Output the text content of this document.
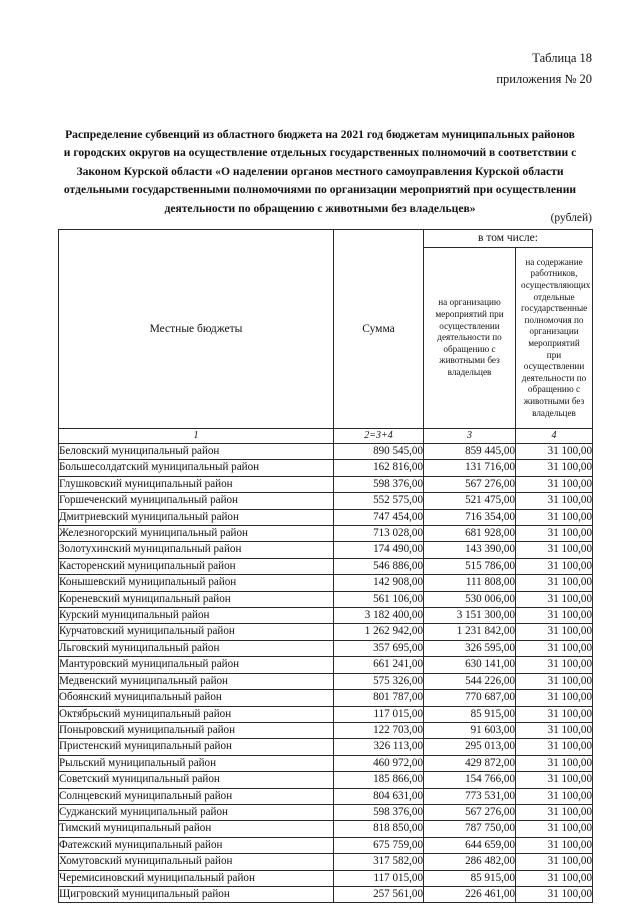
Таблица 18
приложения № 20
Распределение субвенций из областного бюджета на 2021 год бюджетам муниципальных районов
и городских округов на осуществление отдельных государственных полномочий в соответствии с
Законом Курской области «О наделении органов местного самоуправления Курской области
отдельными государственными полномочиями по организации мероприятий при осуществлении
деятельности по обращению с животными без владельцев»
(рублей)
Местные бюджеты	Сумма	в том числе:	
		на организацию мероприятий при осуществлении деятельности по обращению с животными без владельцев	на содержание работников, осуществляющих отдельные государственные полномочия по организации мероприятий при осуществлении деятельности по обращению с животными без владельцев
1	2=3+4	3	4
Беловский муниципальный район	890 545,00	859 445,00	31 100,00
Большесолдатский муниципальный район	162 816,00	131 716,00	31 100,00
Глушковский муниципальный район	598 376,00	567 276,00	31 100,00
Горшеченский муниципальный район	552 575,00	521 475,00	31 100,00
Дмитриевский муниципальный район	747 454,00	716 354,00	31 100,00
Железногорский муниципальный район	713 028,00	681 928,00	31 100,00
Золотухинский муниципальный район	174 490,00	143 390,00	31 100,00
Касторенский муниципальный район	546 886,00	515 786,00	31 100,00
Конышевский муниципальный район	142 908,00	111 808,00	31 100,00
Кореневский муниципальный район	561 106,00	530 006,00	31 100,00
Курский муниципальный район	3 182 400,00	3 151 300,00	31 100,00
Курчатовский муниципальный район	1 262 942,00	1 231 842,00	31 100,00
Льговский муниципальный район	357 695,00	326 595,00	31 100,00
Мантуровский муниципальный район	661 241,00	630 141,00	31 100,00
Медвенский муниципальный район	575 326,00	544 226,00	31 100,00
Обоянский муниципальный район	801 787,00	770 687,00	31 100,00
Октябрьский муниципальный район	117 015,00	85 915,00	31 100,00
Поныровский муниципальный район	122 703,00	91 603,00	31 100,00
Пристенский муниципальный район	326 113,00	295 013,00	31 100,00
Рыльский муниципальный район	460 972,00	429 872,00	31 100,00
Советский муниципальный район	185 866,00	154 766,00	31 100,00
Солнцевский муниципальный район	804 631,00	773 531,00	31 100,00
Суджанский муниципальный район	598 376,00	567 276,00	31 100,00
Тимский муниципальный район	818 850,00	787 750,00	31 100,00
Фатежский муниципальный район	675 759,00	644 659,00	31 100,00
Хомутовский муниципальный район	317 582,00	286 482,00	31 100,00
Черемисиновский муниципальный район	117 015,00	85 915,00	31 100,00
Щигровский муниципальный район	257 561,00	226 461,00	31 100,00
